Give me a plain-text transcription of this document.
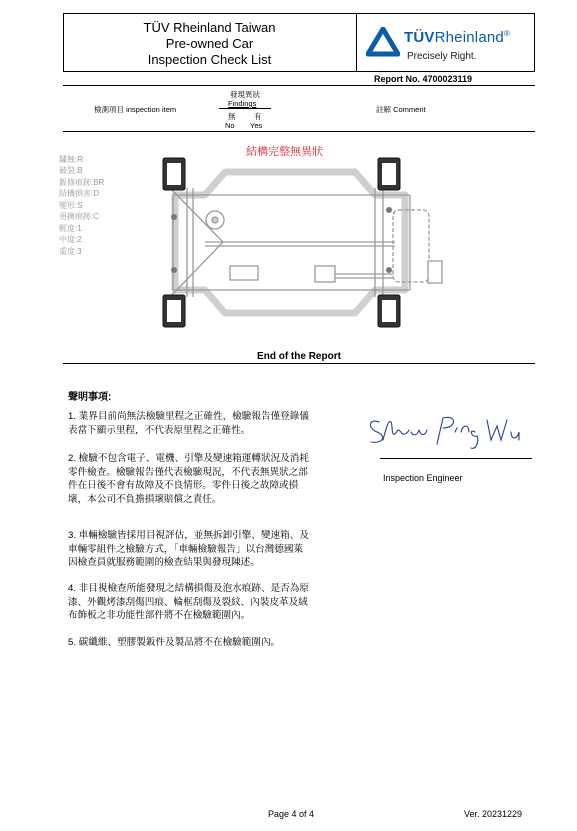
TÜV Rheinland Taiwan
Pre-owned Car
Inspection Check List
TÜVRheinland®
Precisely Right.
Report No. 4700023119
檢測項目 inspection item
發現異狀
Findings
無 有
No Yes
註解 Comment
鏽蝕:R
破裂:B
鈑修痕跡:BR
結構損害:D
變形:S
更換痕跡:C
輕度:1
中度:2
重度:3
結構完整無異狀
End of the Report
聲明事項:
1. 業界目前尚無法檢驗里程之正確性，檢驗報告僅登錄儀
表當下顯示里程，不代表原里程之正確性。
2. 檢驗不包含電子、電機、引擎及變速箱運轉狀況及消耗
零件檢查。檢驗報告僅代表檢驗現況，不代表無異狀之部
件在日後不會有故障及不良情形。零件日後之故障或損
壞，本公司不負擔損壞賠償之責任。
3. 車輛檢驗皆採用目視評估，並無拆卸引擎、變速箱、及
車輛零組件之檢驗方式，「車輛檢驗報告」以台灣德國萊
因檢查員就服務範圍的檢查結果與發現陳述。
4. 非目視檢查所能發現之結構損傷及泡水痕跡、是否為原
漆、外觀烤漆刮傷凹痕、輪框刮傷及裂紋、內裝皮革及絨
布飾板之非功能性部件將不在檢驗範圍內。
5. 碳纖維、塑膠製鈑件及製品將不在檢驗範圍內。
Inspection Engineer
Page 4 of 4	Ver. 20231229
